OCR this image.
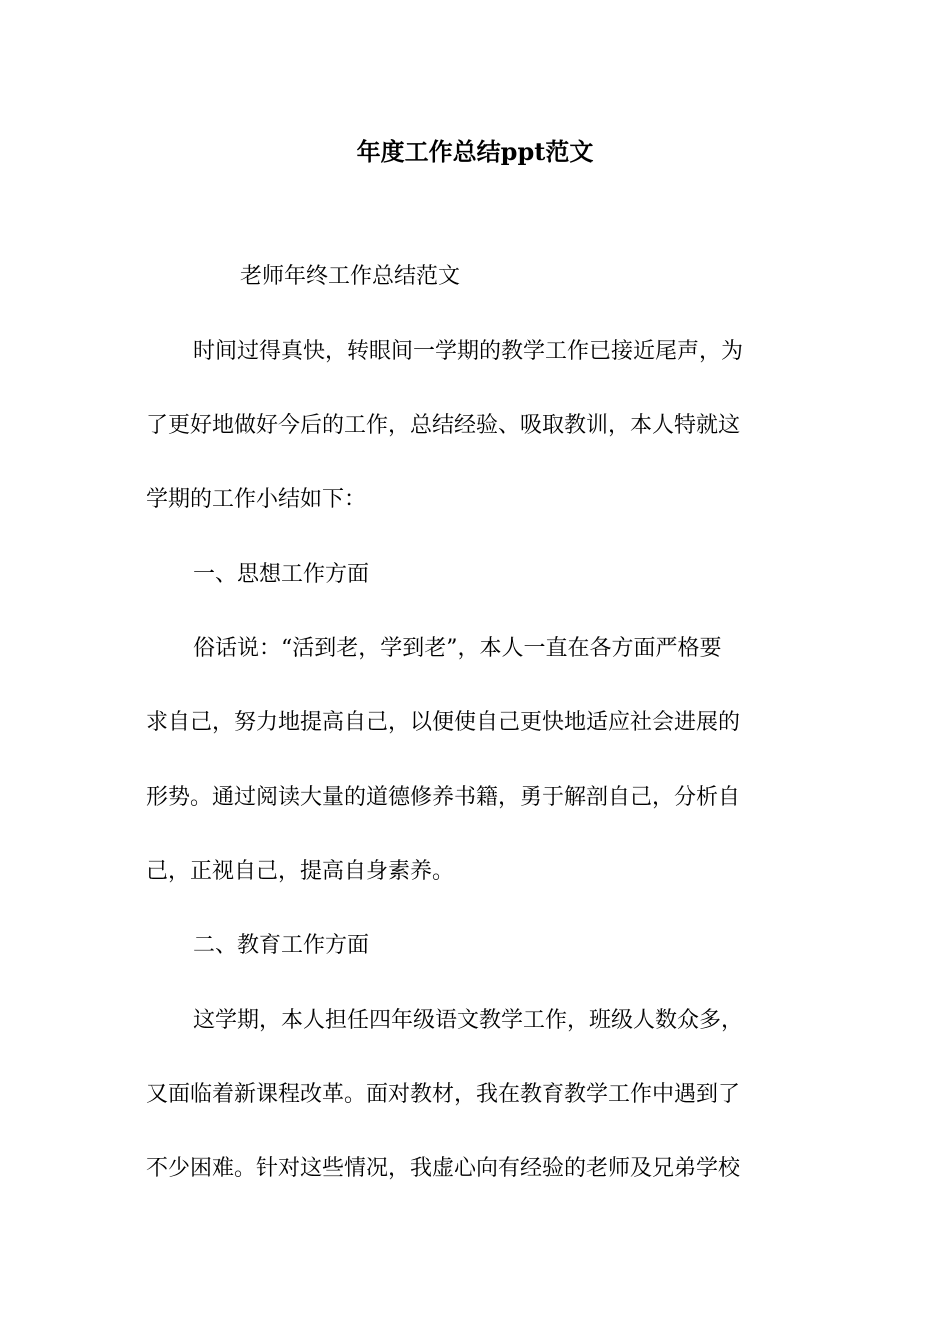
年度工作总结ppt范文
老师年终工作总结范文
时间过得真快，转眼间一学期的教学工作已接近尾声，为
了更好地做好今后的工作，总结经验、吸取教训，本人特就这
学期的工作小结如下：
一、思想工作方面
俗话说：“活到老，学到老”，本人一直在各方面严格要
求自己，努力地提高自己，以便使自己更快地适应社会进展的
形势。通过阅读大量的道德修养书籍，勇于解剖自己，分析自
己，正视自己，提高自身素养。
二、教育工作方面
这学期，本人担任四年级语文教学工作，班级人数众多，
又面临着新课程改革。面对教材，我在教育教学工作中遇到了
不少困难。针对这些情况，我虚心向有经验的老师及兄弟学校
